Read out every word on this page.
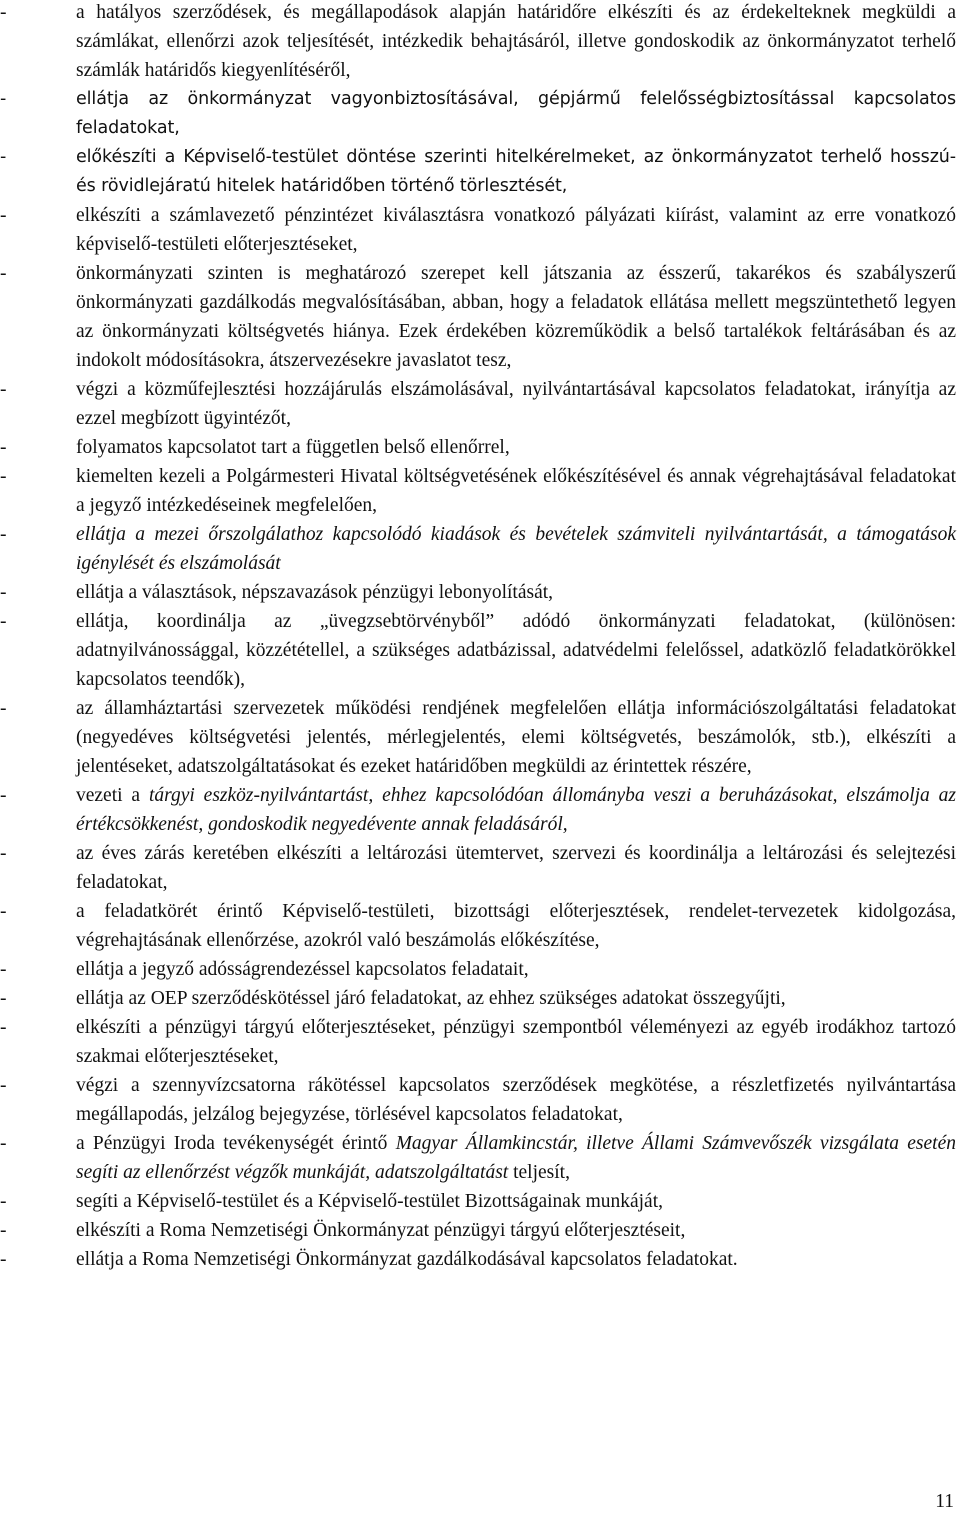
-	a hatályos szerződések, és megállapodások alapján határidőre elkészíti és az érdekelteknek megküldi a számlákat, ellenőrzi azok teljesítését, intézkedik behajtásáról, illetve gondoskodik az önkormányzatot terhelő számlák határidős kiegyenlítéséről,
-	ellátja az önkormányzat vagyonbiztosításával, gépjármű felelősségbiztosítással kapcsolatos feladatokat,
-	előkészíti a Képviselő-testület döntése szerinti hitelkérelmeket, az önkormányzatot terhelő hosszú- és rövidlejáratú hitelek határidőben történő törlesztését,
-	elkészíti a számlavezető pénzintézet kiválasztásra vonatkozó pályázati kiírást, valamint az erre vonatkozó képviselő-testületi előterjesztéseket,
-	önkormányzati szinten is meghatározó szerepet kell játszania az ésszerű, takarékos és szabályszerű önkormányzati gazdálkodás megvalósításában, abban, hogy a feladatok ellátása mellett megszüntethető legyen az önkormányzati költségvetés hiánya. Ezek érdekében közreműködik a belső tartalékok feltárásában és az indokolt módosításokra, átszervezésekre javaslatot tesz,
-	végzi a közműfejlesztési hozzájárulás elszámolásával, nyilvántartásával kapcsolatos feladatokat, irányítja az ezzel megbízott ügyintézőt,
-	folyamatos kapcsolatot tart a független belső ellenőrrel,
-	kiemelten kezeli a Polgármesteri Hivatal költségvetésének előkészítésével és annak végrehajtásával feladatokat a jegyző intézkedéseinek megfelelően,
-	ellátja a mezei őrszolgálathoz kapcsolódó kiadások és bevételek számviteli nyilvántartását, a támogatások igénylését és elszámolását
-	ellátja a választások, népszavazások pénzügyi lebonyolítását,
-	ellátja, koordinálja az „üvegzsebtörvényből” adódó önkormányzati feladatokat, (különösen: adatnyilvánossággal, közzététellel, a szükséges adatbázissal, adatvédelmi felelőssel, adatközlő feladatkörökkel kapcsolatos teendők),
-	az államháztartási szervezetek működési rendjének megfelelően ellátja információszolgáltatási feladatokat (negyedéves költségvetési jelentés, mérlegjelentés, elemi költségvetés, beszámolók, stb.), elkészíti a jelentéseket, adatszolgáltatásokat és ezeket határidőben megküldi az érintettek részére,
-	vezeti a tárgyi eszköz-nyilvántartást, ehhez kapcsolódóan állományba veszi a beruházásokat, elszámolja az értékcsökkenést, gondoskodik negyedévente annak feladásáról,
-	az éves zárás keretében elkészíti a leltározási ütemtervet, szervezi és koordinálja a leltározási és selejtezési feladatokat,
-	a feladatkörét érintő Képviselő-testületi, bizottsági előterjesztések, rendelet-tervezetek kidolgozása, végrehajtásának ellenőrzése, azokról való beszámolás előkészítése,
-	ellátja a jegyző adósságrendezéssel kapcsolatos feladatait,
-	ellátja az OEP szerződéskötéssel járó feladatokat, az ehhez szükséges adatokat összegyűjti,
-	elkészíti a pénzügyi tárgyú előterjesztéseket, pénzügyi szempontból véleményezi az egyéb irodákhoz tartozó szakmai előterjesztéseket,
-	végzi a szennyvízcsatorna rákötéssel kapcsolatos szerződések megkötése, a részletfizetés nyilvántartása megállapodás, jelzálog bejegyzése, törlésével kapcsolatos feladatokat,
-	a Pénzügyi Iroda tevékenységét érintő Magyar Államkincstár, illetve Állami Számvevőszék vizsgálata esetén segíti az ellenőrzést végzők munkáját, adatszolgáltatást teljesít,
-	segíti a Képviselő-testület és a Képviselő-testület Bizottságainak munkáját,
-	elkészíti a Roma Nemzetiségi Önkormányzat pénzügyi tárgyú előterjesztéseit,
-	ellátja a Roma Nemzetiségi Önkormányzat gazdálkodásával kapcsolatos feladatokat.
11
